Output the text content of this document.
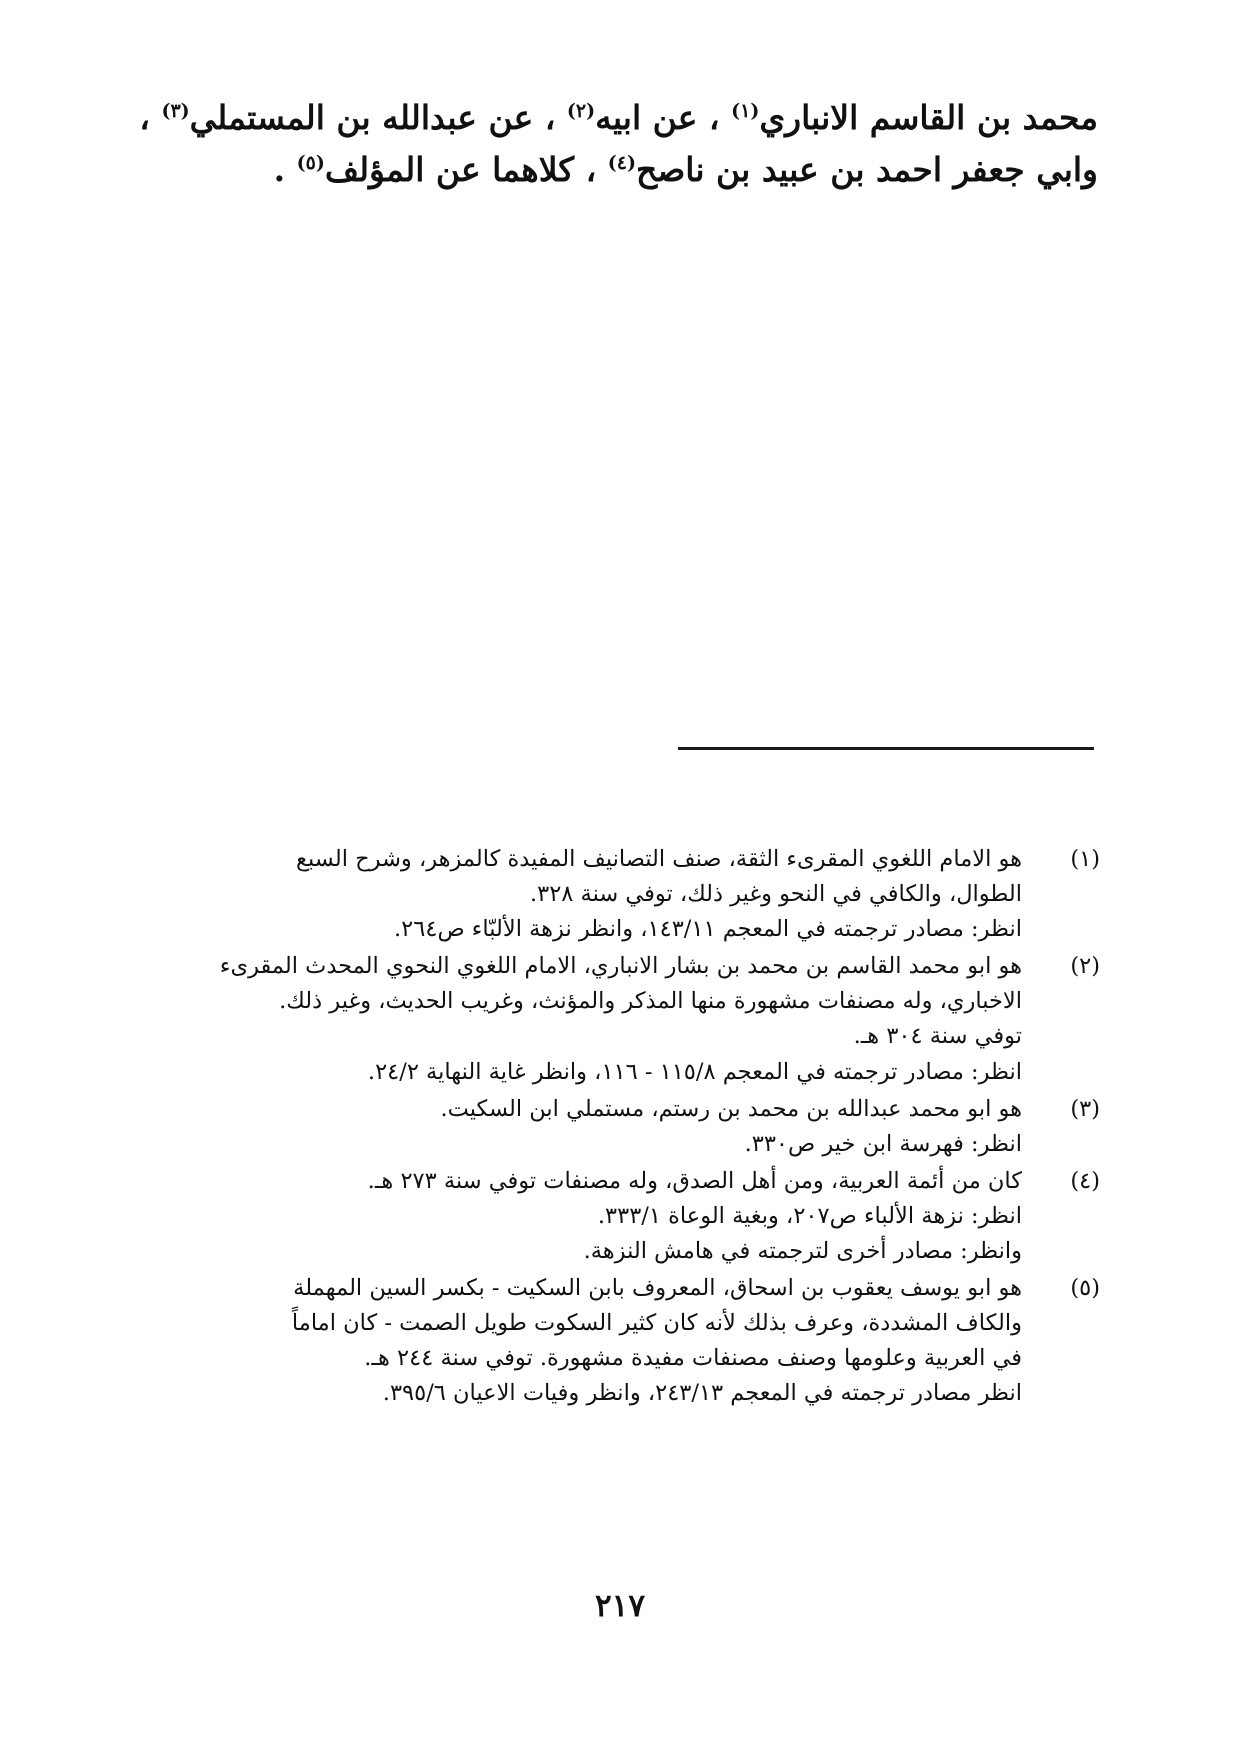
محمد بن القاسم الانباري$^{(١)}$ ، عن ابيه$^{(٢)}$ ، عن عبدالله بن المستملي$^{(٣)}$ ،
وابي جعفر احمد بن عبيد بن ناصح$^{(٤)}$ ، كلاهما عن المؤلف$^{(٥)}$ .
(١)
هو الامام اللغوي المقرىء الثقة، صنف التصانيف المفيدة كالمزهر، وشرح السبع
الطوال، والكافي في النحو وغير ذلك، توفي سنة ٣٢٨.
انظر: مصادر ترجمته في المعجم ١٤٣/١١، وانظر نزهة الألبّاء ص٢٦٤.
(٢)
هو ابو محمد القاسم بن محمد بن بشار الانباري، الامام اللغوي النحوي المحدث المقرىء
الاخباري، وله مصنفات مشهورة منها المذكر والمؤنث، وغريب الحديث، وغير ذلك.
توفي سنة ٣٠٤ هـ.
انظر: مصادر ترجمته في المعجم ١١٥/٨ - ١١٦، وانظر غاية النهاية ٢٤/٢.
(٣)
هو ابو محمد عبدالله بن محمد بن رستم، مستملي ابن السكيت.
انظر: فهرسة ابن خير ص٣٣٠.
(٤)
كان من أئمة العربية، ومن أهل الصدق، وله مصنفات توفي سنة ٢٧٣ هـ.
انظر: نزهة الألباء ص٢٠٧، وبغية الوعاة ٣٣٣/١.
وانظر: مصادر أخرى لترجمته في هامش النزهة.
(٥)
هو ابو يوسف يعقوب بن اسحاق، المعروف بابن السكيت - بكسر السين المهملة
والكاف المشددة، وعرف بذلك لأنه كان كثير السكوت طويل الصمت - كان اماماً
في العربية وعلومها وصنف مصنفات مفيدة مشهورة. توفي سنة ٢٤٤ هـ.
انظر مصادر ترجمته في المعجم ٢٤٣/١٣، وانظر وفيات الاعيان ٣٩٥/٦.
٢١٧
